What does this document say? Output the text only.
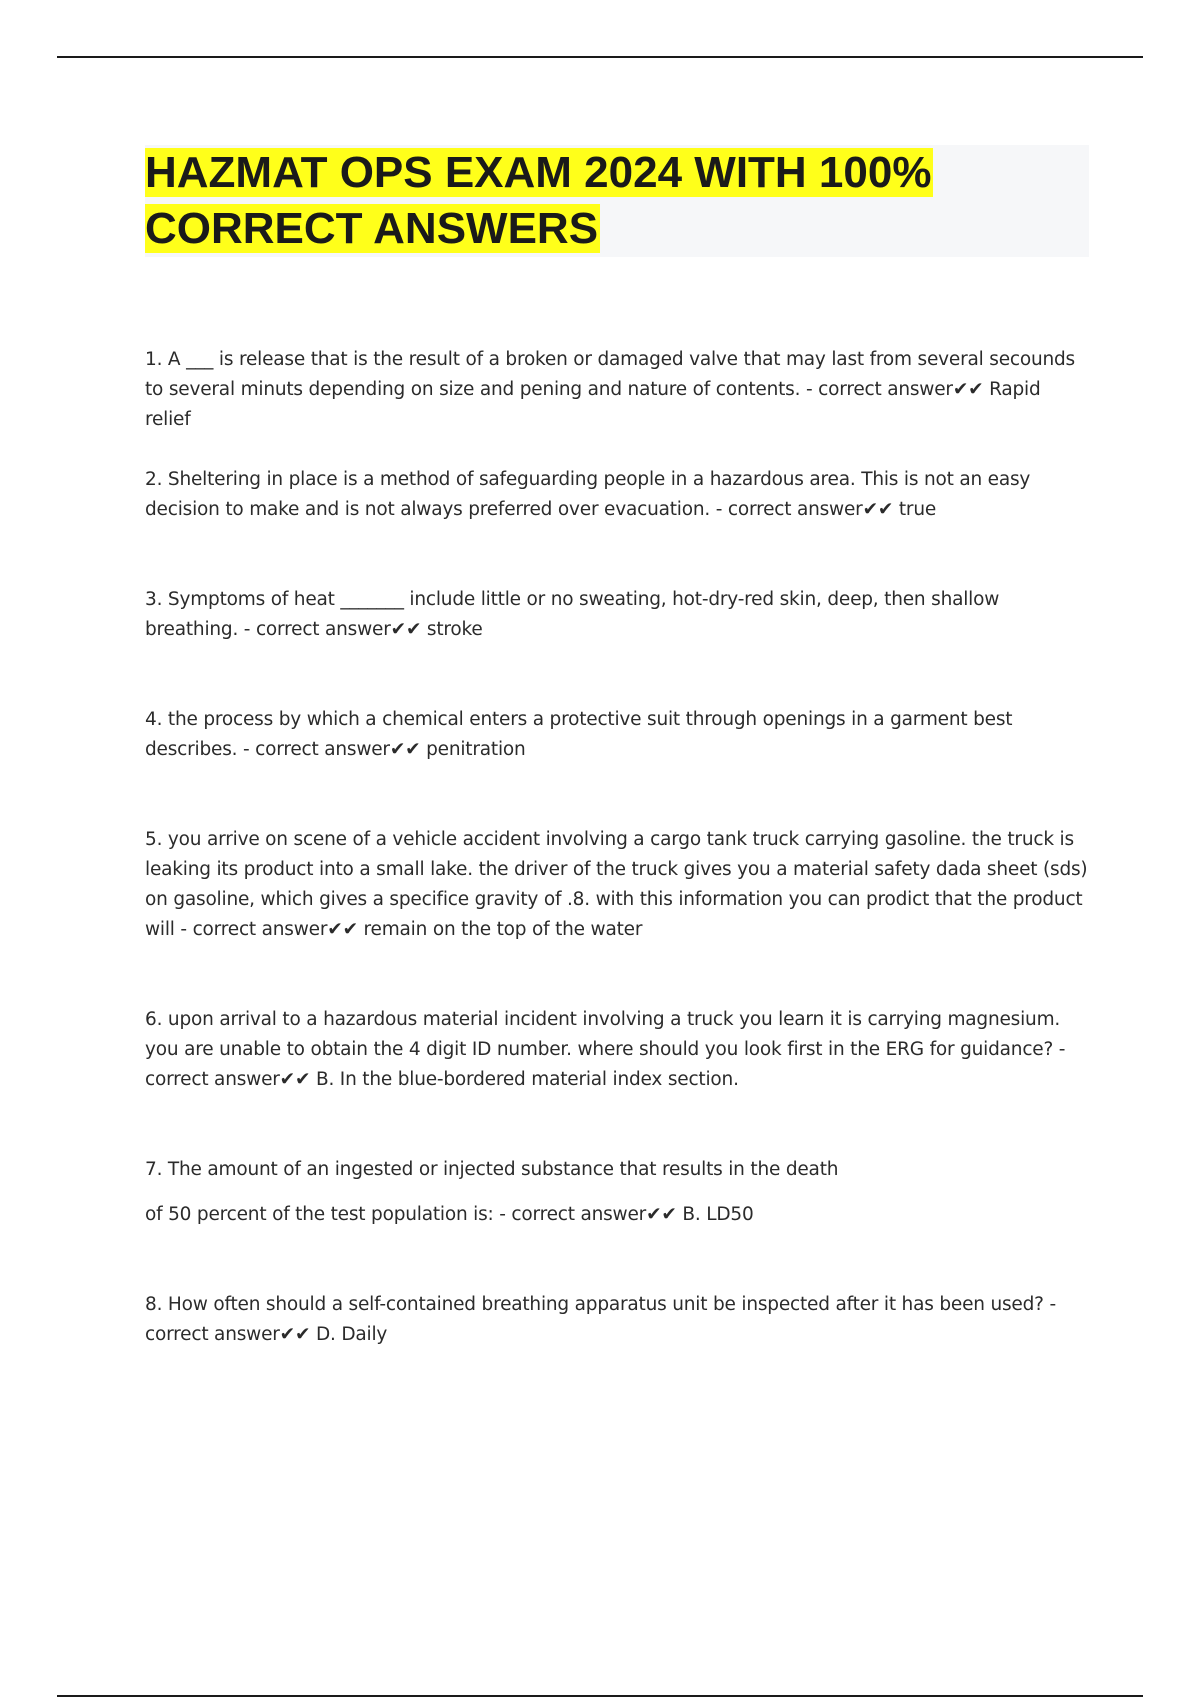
HAZMAT OPS EXAM 2024 WITH 100%
CORRECT ANSWERS

1. A ___ is release that is the result of a broken or damaged valve that may last from several secounds to several minuts depending on size and pening and nature of contents. - correct answer✔✔ Rapid relief

2. Sheltering in place is a method of safeguarding people in a hazardous area. This is not an easy decision to make and is not always preferred over evacuation. - correct answer✔✔ true

3. Symptoms of heat _______ include little or no sweating, hot-dry-red skin, deep, then shallow breathing. - correct answer✔✔ stroke

4. the process by which a chemical enters a protective suit through openings in a garment best describes. - correct answer✔✔ penitration

5. you arrive on scene of a vehicle accident involving a cargo tank truck carrying gasoline. the truck is leaking its product into a small lake. the driver of the truck gives you a material safety dada sheet (sds) on gasoline, which gives a specifice gravity of .8. with this information you can prodict that the product will - correct answer✔✔ remain on the top of the water

6. upon arrival to a hazardous material incident involving a truck you learn it is carrying magnesium. you are unable to obtain the 4 digit ID number. where should you look first in the ERG for guidance? - correct answer✔✔ B. In the blue-bordered material index section.

7. The amount of an ingested or injected substance that results in the death

of 50 percent of the test population is: - correct answer✔✔ B. LD50

8. How often should a self-contained breathing apparatus unit be inspected after it has been used? - correct answer✔✔ D. Daily
